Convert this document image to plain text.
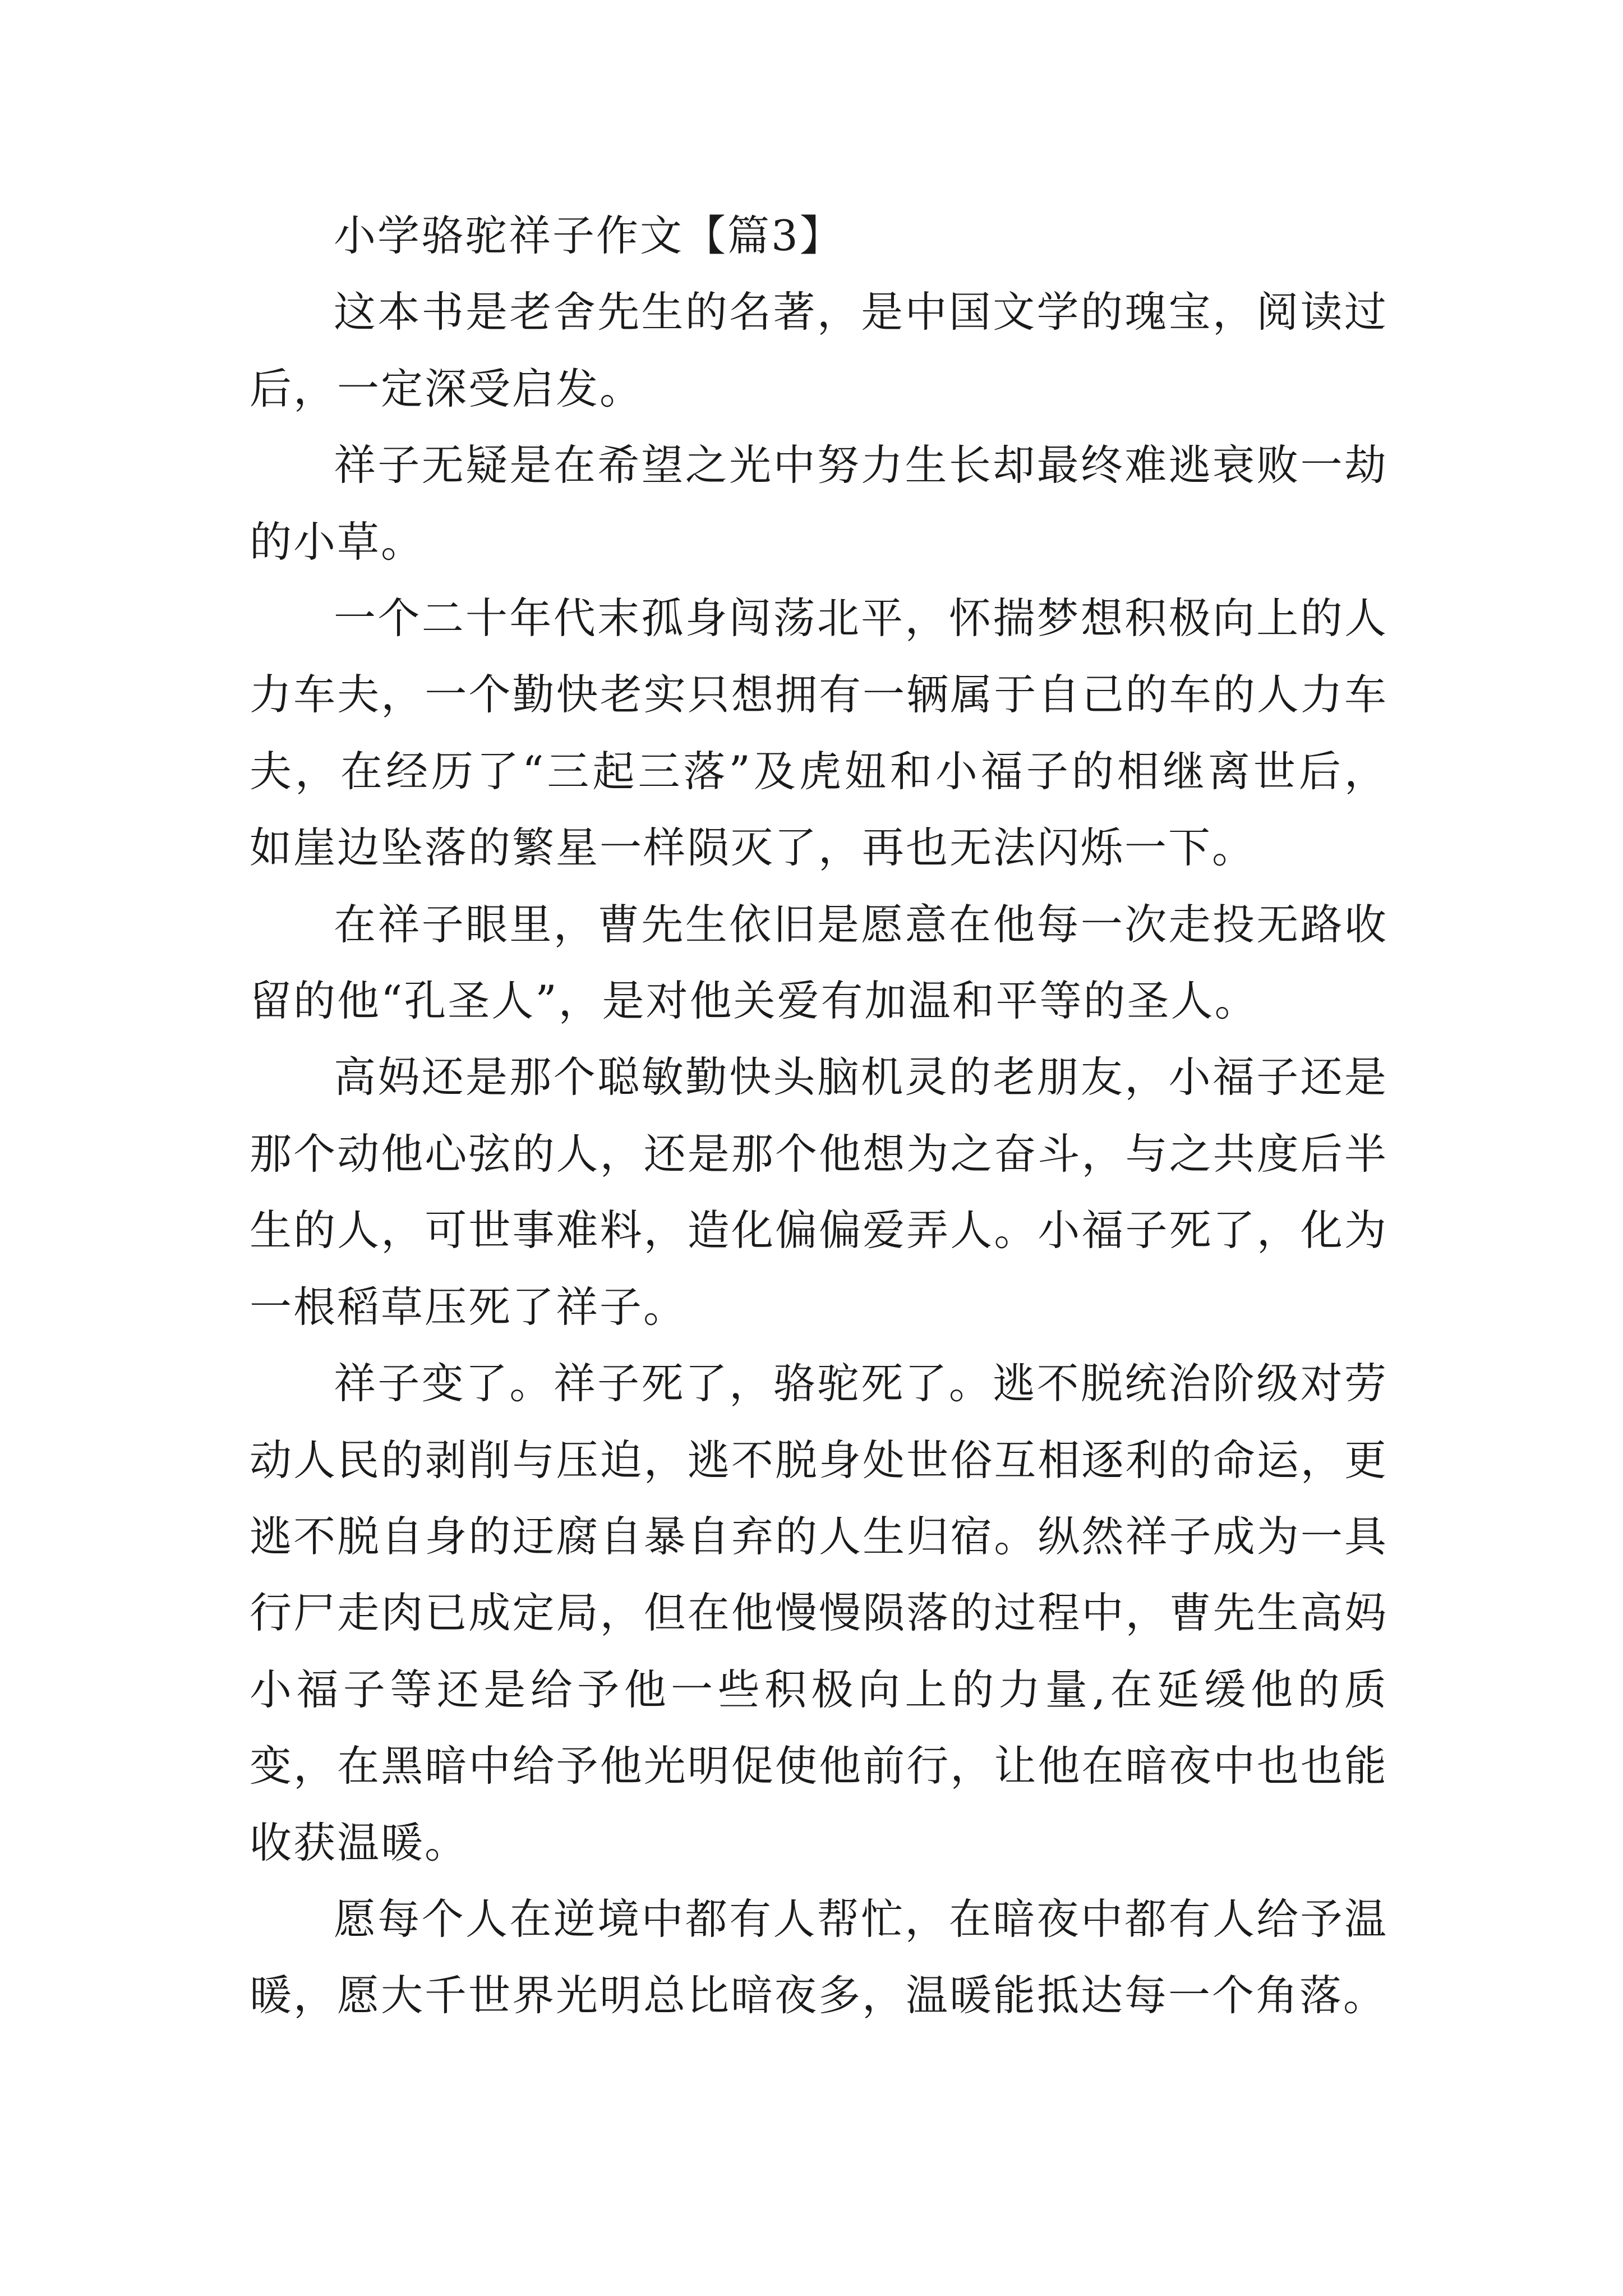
小学骆驼祥子作文【篇3】

这本书是老舍先生的名著，是中国文学的瑰宝，阅读过后，一定深受启发。

祥子无疑是在希望之光中努力生长却最终难逃衰败一劫的小草。

一个二十年代末孤身闯荡北平，怀揣梦想积极向上的人力车夫，一个勤快老实只想拥有一辆属于自己的车的人力车夫，在经历了“三起三落”及虎妞和小福子的相继离世后，如崖边坠落的繁星一样陨灭了，再也无法闪烁一下。

在祥子眼里，曹先生依旧是愿意在他每一次走投无路收留的他“孔圣人”，是对他关爱有加温和平等的圣人。

高妈还是那个聪敏勤快头脑机灵的老朋友，小福子还是那个动他心弦的人，还是那个他想为之奋斗，与之共度后半生的人，可世事难料，造化偏偏爱弄人。小福子死了，化为一根稻草压死了祥子。

祥子变了。祥子死了，骆驼死了。逃不脱统治阶级对劳动人民的剥削与压迫，逃不脱身处世俗互相逐利的命运，更逃不脱自身的迂腐自暴自弃的人生归宿。纵然祥子成为一具行尸走肉已成定局，但在他慢慢陨落的过程中，曹先生高妈小福子等还是给予他一些积极向上的力量,在延缓他的质变，在黑暗中给予他光明促使他前行，让他在暗夜中也也能收获温暖。

愿每个人在逆境中都有人帮忙，在暗夜中都有人给予温暖，愿大千世界光明总比暗夜多，温暖能抵达每一个角落。
